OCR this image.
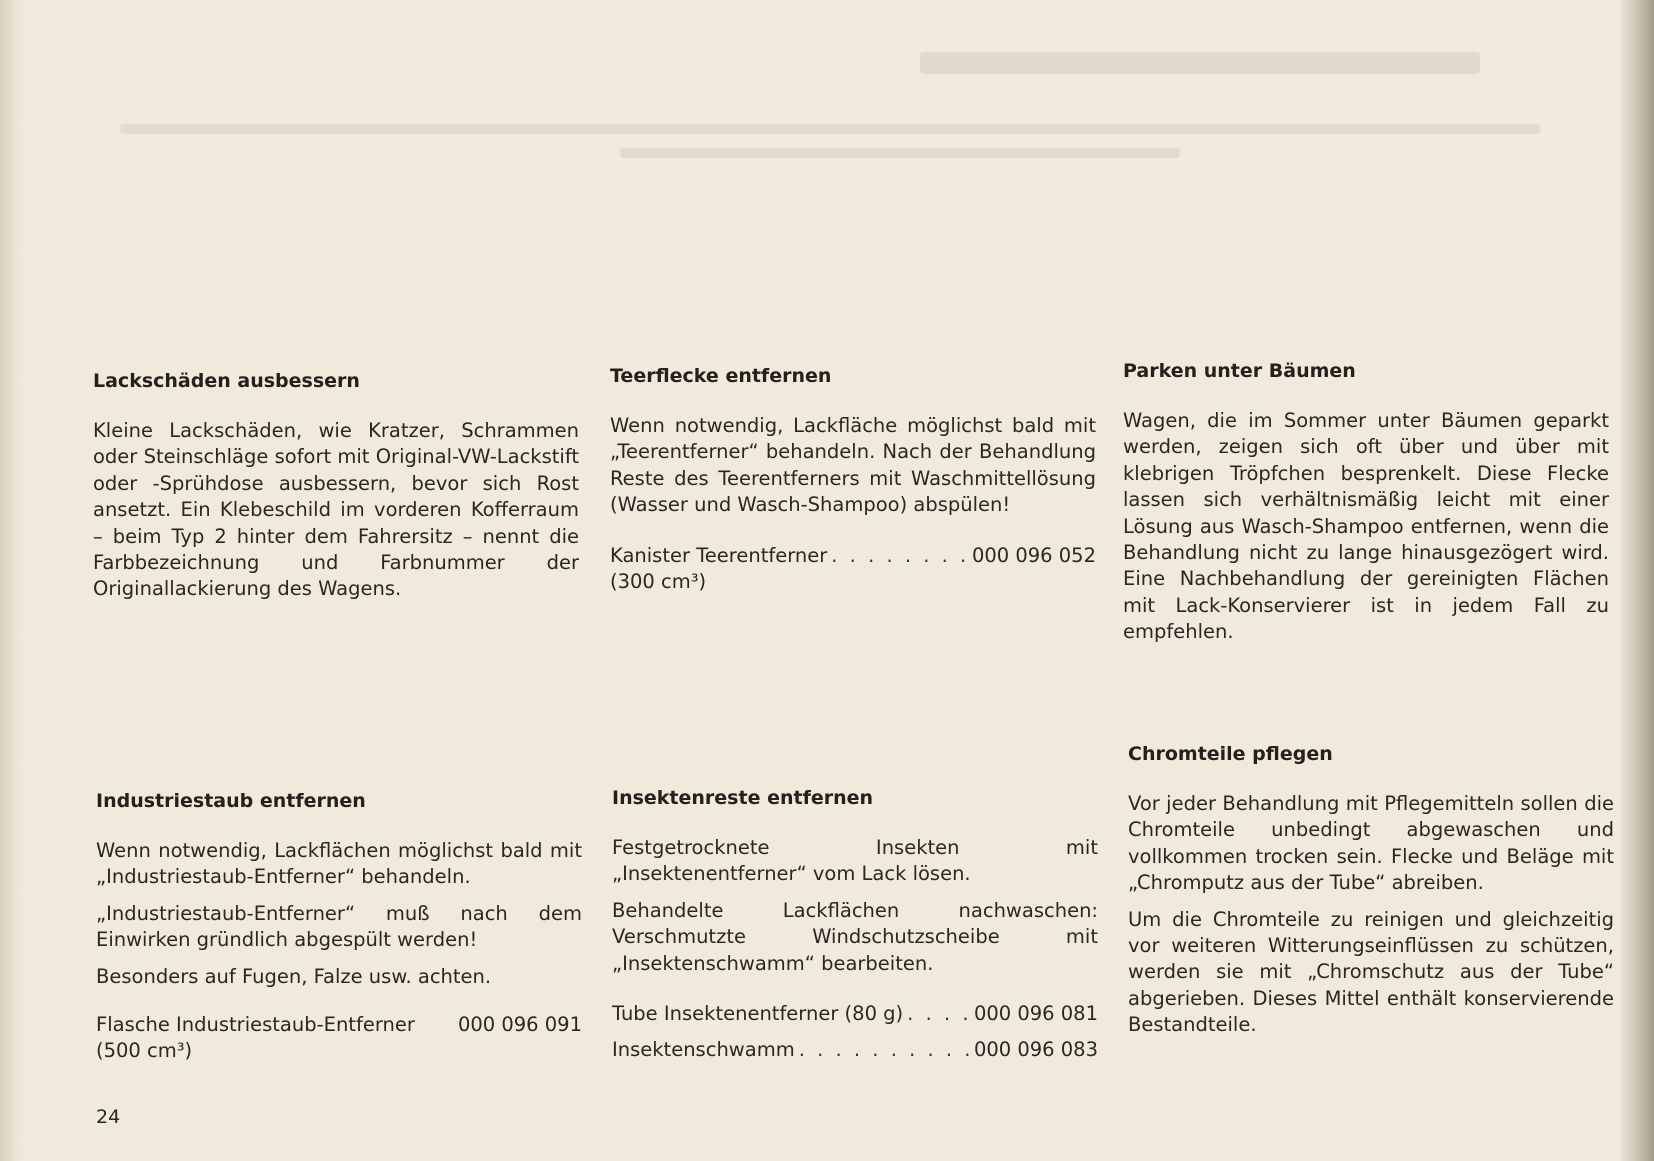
Lackschäden ausbessern

Kleine Lackschäden, wie Kratzer, Schrammen oder Steinschläge sofort mit Original-VW-Lackstift oder -Sprühdose ausbessern, bevor sich Rost ansetzt. Ein Klebeschild im vorderen Kofferraum – beim Typ 2 hinter dem Fahrersitz – nennt die Farbbezeichnung und Farbnummer der Originallackierung des Wagens.

Industriestaub entfernen

Wenn notwendig, Lackflächen möglichst bald mit „Industriestaub-Entferner“ behandeln.

„Industriestaub-Entferner“ muß nach dem Einwirken gründlich abgespült werden!

Besonders auf Fugen, Falze usw. achten.

Flasche Industriestaub-Entferner 000 096 091

(500 cm³)

Teerflecke entfernen

Wenn notwendig, Lackfläche möglichst bald mit „Teerentferner“ behandeln. Nach der Behandlung Reste des Teerentferners mit Waschmittellösung (Wasser und Wasch-Shampoo) abspülen!

Kanister Teerentferner . . .	000 096 052

(300 cm³)

Insektenreste entfernen

Festgetrocknete Insekten mit „Insektenentferner“ vom Lack lösen.

Behandelte Lackflächen nachwaschen: Verschmutzte Windschutzscheibe mit „Insektenschwamm“ bearbeiten.

Tube Insektenentferner (80 g) . . .	000 096 081
Insektenschwamm . . .	000 096 083
Parken unter Bäumen

Wagen, die im Sommer unter Bäumen geparkt werden, zeigen sich oft über und über mit klebrigen Tröpfchen besprenkelt. Diese Flecke lassen sich verhältnismäßig leicht mit einer Lösung aus Wasch-Shampoo entfernen, wenn die Behandlung nicht zu lange hinausgezögert wird. Eine Nachbehandlung der gereinigten Flächen mit Lack-Konservierer ist in jedem Fall zu empfehlen.

Chromteile pflegen

Vor jeder Behandlung mit Pflegemitteln sollen die Chromteile unbedingt abgewaschen und vollkommen trocken sein. Flecke und Beläge mit „Chromputz aus der Tube“ abreiben.

Um die Chromteile zu reinigen und gleichzeitig vor weiteren Witterungseinflüssen zu schützen, werden sie mit „Chromschutz aus der Tube“ abgerieben. Dieses Mittel enthält konservierende Bestandteile.

24
